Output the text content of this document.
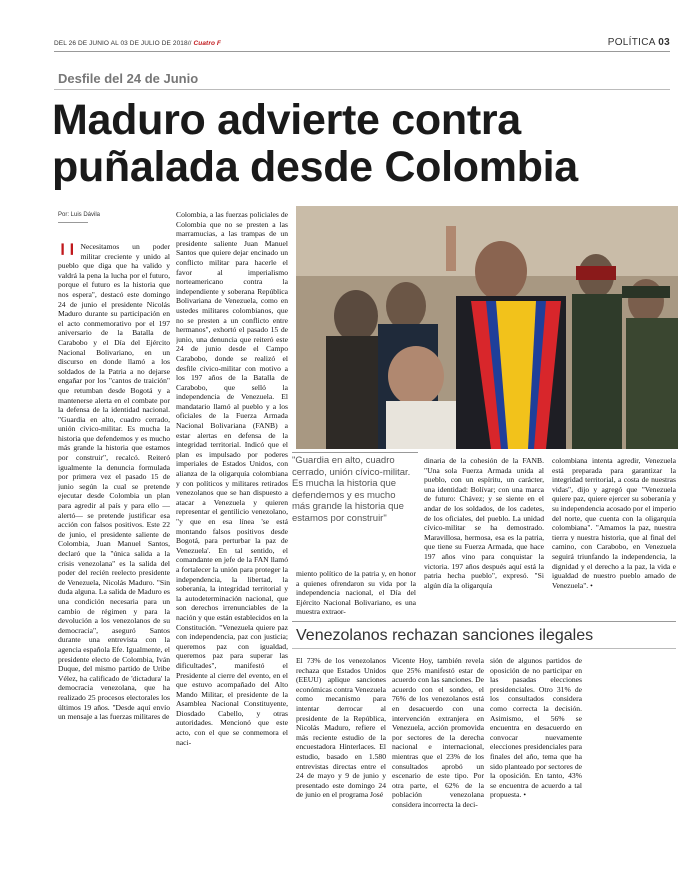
DEL 26 DE JUNIO AL 03 DE JULIO DE 2018// Cuatro F	POLÍTICA 03
Desfile del 24 de Junio
Maduro advierte contra puñalada desde Colombia
Por: Luis Dávila
❙❙ Necesitamos un poder militar creciente y unido al pueblo que diga que ha valido y valdrá la pena la lucha por el futuro, porque el futuro es la historia que nos espera", destacó este domingo 24 de junio el presidente Nicolás Maduro durante su participación en el acto conmemorativo por el 197 aniversario de la Batalla de Carabobo y el Día del Ejército Nacional Bolivariano, en un discurso en donde llamó a los soldados de la Patria a no dejarse engañar por los "cantos de traición" que retumban desde Bogotá y a mantenerse alerta en el combate por la defensa de la identidad nacional. "Guardia en alto, cuadro cerrado, unión cívico-militar. Es mucha la historia que defendemos y es mucho más grande la historia que estamos por construir", recalcó. Reiteró igualmente la denuncia formulada por primera vez el pasado 15 de junio según la cual se pretende ejecutar desde Colombia un plan para agredir al país y para ello —alertó— se pretende justificar esa acción con falsos positivos. Este 22 de junio, el presidente saliente de Colombia, Juan Manuel Santos, declaró que la "única salida a la crisis venezolana" es la salida del poder del recién reelecto presidente de Venezuela, Nicolás Maduro. "Sin duda alguna. La salida de Maduro es una condición necesaria para un cambio de régimen y para la devolución a los venezolanos de su democracia", aseguró Santos durante una entrevista con la agencia española Efe. Igualmente, el presidente electo de Colombia, Iván Duque, del mismo partido de Uribe Vélez, ha calificado de 'dictadura' la democracia venezolana, que ha realizado 25 procesos electorales los últimos 19 años. "Desde aquí envío un mensaje a las fuerzas militares de
Colombia, a las fuerzas policiales de Colombia que no se presten a las marramucias, a las trampas de un presidente saliente Juan Manuel Santos que quiere dejar encinado un conflicto militar para hacerle el favor al imperialismo norteamericano contra la independiente y soberana República Bolivariana de Venezuela, como en ustedes militares colombianos, que no se presten a un conflicto entre hermanos", exhortó el pasado 15 de junio, una denuncia que reiteró este 24 de junio desde el Campo Carabobo, donde se realizó el desfile cívico-militar con motivo a los 197 años de la Batalla de Carabobo, que selló la independencia de Venezuela. El mandatario llamó al pueblo y a los oficiales de la Fuerza Armada Nacional Bolivariana (FANB) a estar alertas en defensa de la integridad territorial. Indicó que el plan es impulsado por poderes imperiales de Estados Unidos, con alianza de la oligarquía colombiana y con políticos y militares retirados venezolanos que se han dispuesto a atacar a Venezuela y quieren representar el gentilicio venezolano, "y que en esa línea 'se está montando falsos positivos desde Bogotá, para perturbar la paz de Venezuela'. En tal sentido, el comandante en jefe de la FAN llamó a fortalecer la unión para proteger la independencia, la libertad, la soberanía, la integridad territorial y la autodeterminación nacional, que son derechos irrenunciables de la nación y que están establecidos en la Constitución. "Venezuela quiere paz con independencia, paz con justicia; queremos paz con igualdad, queremos paz para superar las dificultades", manifestó el Presidente al cierre del evento, en el que estuvo acompañado del Alto Mando Militar, el presidente de la Asamblea Nacional Constituyente, Diosdado Cabello, y otras autoridades. Mencionó que este acto, con el que se conmemora el naci-
"Guardia en alto, cuadro cerrado, unión cívico-militar. Es mucha la historia que defendemos y es mucho más grande la historia que estamos por construir"
miento político de la patria y, en honor a quienes ofrendaron su vida por la independencia nacional, el Día del Ejército Nacional Bolivariano, es una muestra extraor-
dinaria de la cohesión de la FANB. "Una sola Fuerza Armada unida al pueblo, con un espíritu, un carácter, una identidad: Bolívar; con una marca de futuro: Chávez; y se siente en el andar de los soldados, de los cadetes, de los oficiales, del pueblo. La unidad cívico-militar se ha demostrado. Maravillosa, hermosa, esa es la patria, que tiene su Fuerza Armada, que hace 197 años vino para conquistar la victoria. 197 años después aquí está la patria hecha pueblo", expresó. "Si algún día la oligarquía
colombiana intenta agredir, Venezuela está preparada para garantizar la integridad territorial, a costa de nuestras vidas", dijo y agregó que "Venezuela quiere paz, quiere ejercer su soberanía y su independencia acosado por el imperio del norte, que cuenta con la oligarquía colombiana". "Amamos la paz, nuestra tierra y nuestra historia, que al final del camino, con Carabobo, en Venezuela seguirá triunfando la independencia, la dignidad y el derecho a la paz, la vida e igualdad de nuestro pueblo amado de Venezuela". •
Venezolanos rechazan sanciones ilegales
El 73% de los venezolanos rechaza que Estados Unidos (EEUU) aplique sanciones económicas contra Venezuela como mecanismo para intentar derrocar al presidente de la República, Nicolás Maduro, refiere el más reciente estudio de la encuestadora Hinterlaces. El estudio, basado en 1.580 entrevistas directas entre el 24 de mayo y 9 de junio y presentado este domingo 24 de junio en el programa José
Vicente Hoy, también revela que 25% manifestó estar de acuerdo con las sanciones. De acuerdo con el sondeo, el 76% de los venezolanos está en desacuerdo con una intervención extranjera en Venezuela, acción promovida por sectores de la derecha nacional e internacional, mientras que el 23% de los consultados aprobó un escenario de este tipo. Por otra parte, el 62% de la población venezolana considera incorrecta la deci-
sión de algunos partidos de oposición de no participar en las pasadas elecciones presidenciales. Otro 31% de los consultados considera como correcta la decisión. Asimismo, el 56% se encuentra en desacuerdo en convocar nuevamente elecciones presidenciales para finales del año, tema que ha sido planteado por sectores de la oposición. En tanto, 43% se encuentra de acuerdo a tal propuesta. •
